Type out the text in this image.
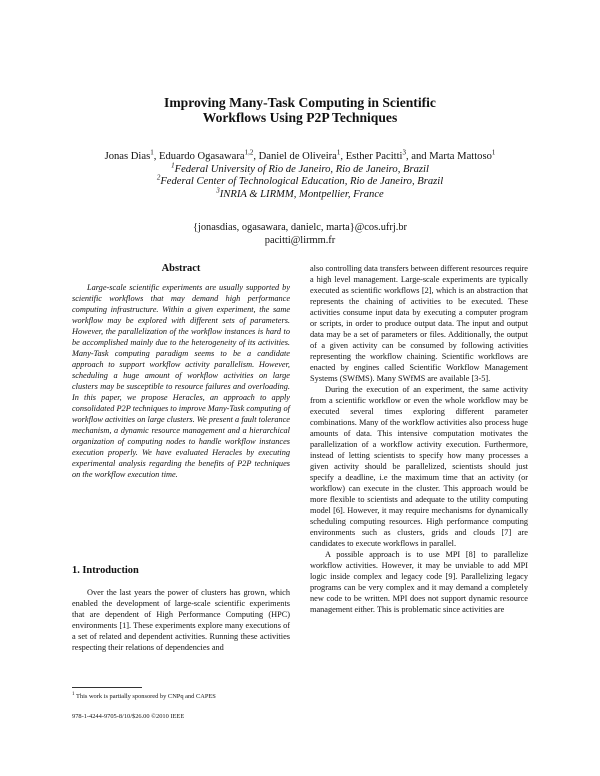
Improving Many-Task Computing in Scientific
Workflows Using P2P Techniques
Jonas Dias$^1$, Eduardo Ogasawara$^{1,2}$, Daniel de Oliveira$^1$, Esther Pacitti$^3$, and Marta Mattoso$^1$
$^1$Federal University of Rio de Janeiro, Rio de Janeiro, Brazil
$^2$Federal Center of Technological Education, Rio de Janeiro, Brazil
$^3$INRIA & LIRMM, Montpellier, France
{jonasdias, ogasawara, danielc, marta}@cos.ufrj.br
pacitti@lirmm.fr
Abstract

Large-scale scientific experiments are usually supported by scientific workflows that may demand high performance computing infrastructure. Within a given experiment, the same workflow may be explored with different sets of parameters. However, the parallelization of the workflow instances is hard to be accomplished mainly due to the heterogeneity of its activities. Many-Task computing paradigm seems to be a candidate approach to support workflow activity parallelism. However, scheduling a huge amount of workflow activities on large clusters may be susceptible to resource failures and overloading. In this paper, we propose Heracles, an approach to apply consolidated P2P techniques to improve Many-Task computing of workflow activities on large clusters. We present a fault tolerance mechanism, a dynamic resource management and a hierarchical organization of computing nodes to handle workflow instances execution properly. We have evaluated Heracles by executing experimental analysis regarding the benefits of P2P techniques on the workflow execution time.

1. Introduction

Over the last years the power of clusters has grown, which enabled the development of large-scale scientific experiments that are dependent of High Performance Computing (HPC) environments [1]. These experiments explore many executions of a set of related and dependent activities. Running these activities respecting their relations of dependencies and

$^1$ This work is partially sponsored by CNPq and CAPES
978-1-4244-9705-8/10/$26.00 ©2010 IEEE

also controlling data transfers between different resources require a high level management. Large-scale experiments are typically executed as scientific workflows [2], which is an abstraction that represents the chaining of activities to be executed. These activities consume input data by executing a computer program or scripts, in order to produce output data. The input and output data may be a set of parameters or files. Additionally, the output of a given activity can be consumed by following activities representing the workflow chaining. Scientific workflows are enacted by engines called Scientific Workflow Management Systems (SWfMS). Many SWfMS are available [3-5].

During the execution of an experiment, the same activity from a scientific workflow or even the whole workflow may be executed several times exploring different parameter combinations. Many of the workflow activities also process huge amounts of data. This intensive computation motivates the parallelization of a workflow activity execution. Furthermore, instead of letting scientists to specify how many processes a given activity should be parallelized, scientists should just specify a deadline, i.e the maximum time that an activity (or workflow) can execute in the cluster. This approach would be more flexible to scientists and adequate to the utility computing model [6]. However, it may require mechanisms for dynamically scheduling computing resources. High performance computing environments such as clusters, grids and clouds [7] are candidates to execute workflows in parallel.

A possible approach is to use MPI [8] to parallelize workflow activities. However, it may be unviable to add MPI logic inside complex and legacy code [9]. Parallelizing legacy programs can be very complex and it may demand a completely new code to be written. MPI does not support dynamic resource management either. This is problematic since activities are
